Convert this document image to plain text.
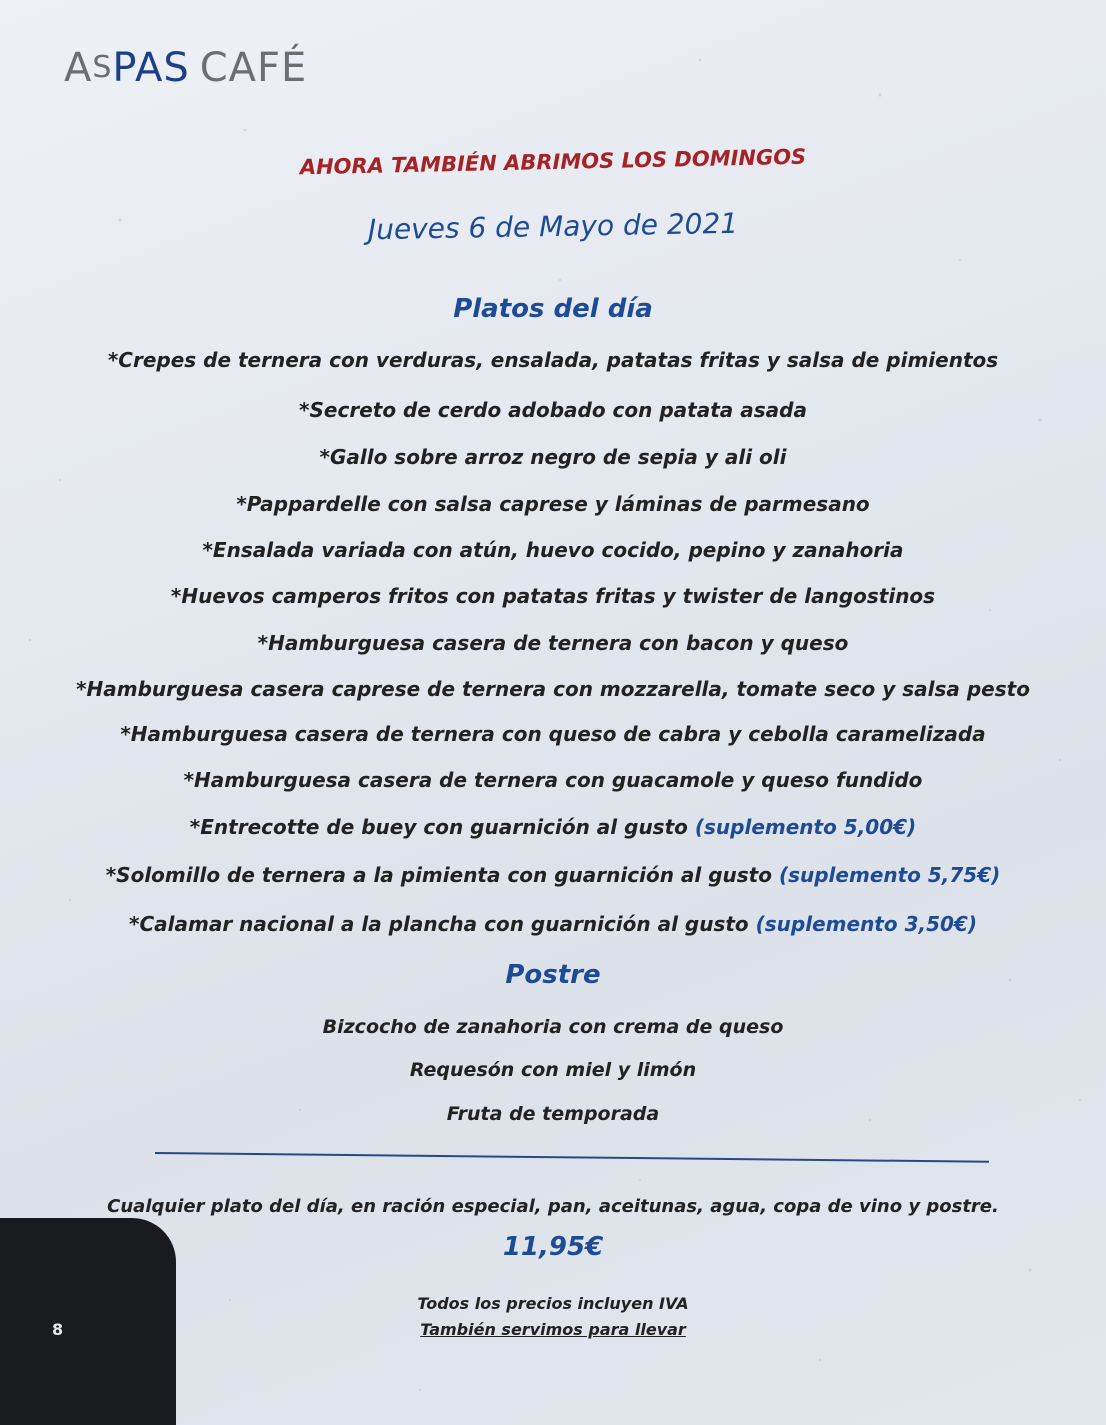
ASPAS CAFÉ
AHORA TAMBIÉN ABRIMOS LOS DOMINGOS
Jueves 6 de Mayo de 2021
Platos del día
*Crepes de ternera con verduras, ensalada, patatas fritas y salsa de pimientos
*Secreto de cerdo adobado con patata asada
*Gallo sobre arroz negro de sepia y ali oli
*Pappardelle con salsa caprese y láminas de parmesano
*Ensalada variada con atún, huevo cocido, pepino y zanahoria
*Huevos camperos fritos con patatas fritas y twister de langostinos
*Hamburguesa casera de ternera con bacon y queso
*Hamburguesa casera caprese de ternera con mozzarella, tomate seco y salsa pesto
*Hamburguesa casera de ternera con queso de cabra y cebolla caramelizada
*Hamburguesa casera de ternera con guacamole y queso fundido
*Entrecotte de buey con guarnición al gusto (suplemento 5,00€)
*Solomillo de ternera a la pimienta con guarnición al gusto (suplemento 5,75€)
*Calamar nacional a la plancha con guarnición al gusto (suplemento 3,50€)
Postre
Bizcocho de zanahoria con crema de queso
Requesón con miel y limón
Fruta de temporada
Cualquier plato del día, en ración especial, pan, aceitunas, agua, copa de vino y postre.
11,95€
Todos los precios incluyen IVA
También servimos para llevar
8
